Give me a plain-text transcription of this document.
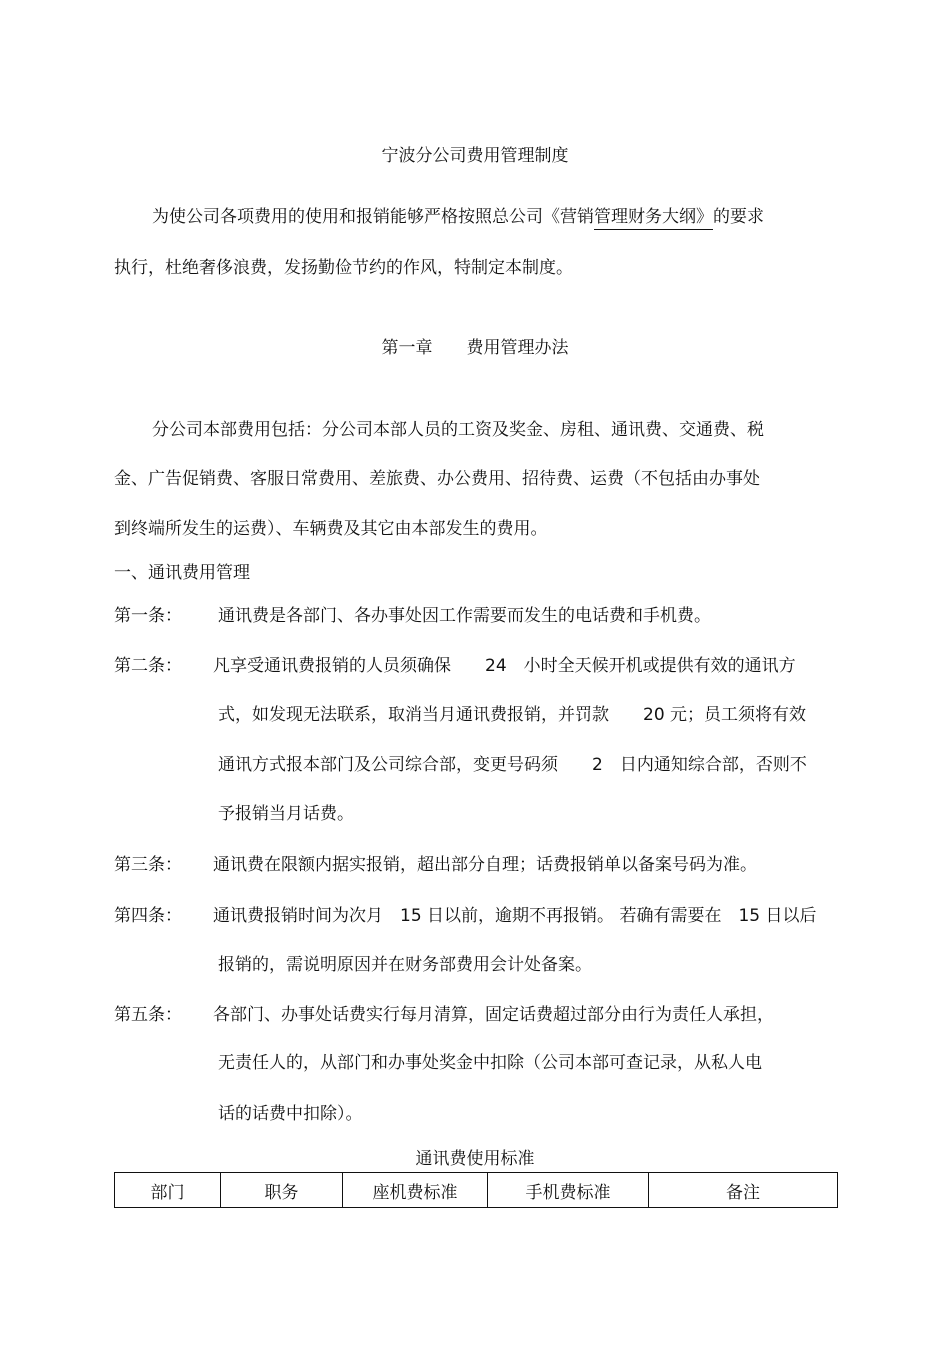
宁波分公司费用管理制度
为使公司各项费用的使用和报销能够严格按照总公司《营销管理财务大纲》的要求
执行，杜绝奢侈浪费，发扬勤俭节约的作风，特制定本制度。
第一章 费用管理办法
分公司本部费用包括：分公司本部人员的工资及奖金、房租、通讯费、交通费、税
金、广告促销费、客服日常费用、差旅费、办公费用、招待费、运费（不包括由办事处
到终端所发生的运费）、车辆费及其它由本部发生的费用。
一、通讯费用管理
第一条： 通讯费是各部门、各办事处因工作需要而发生的电话费和手机费。
第二条： 凡享受通讯费报销的人员须确保　　24　小时全天候开机或提供有效的通讯方
式，如发现无法联系，取消当月通讯费报销，并罚款　　20 元；员工须将有效
通讯方式报本部门及公司综合部，变更号码须　　2　日内通知综合部，否则不
予报销当月话费。
第三条： 通讯费在限额内据实报销，超出部分自理；话费报销单以备案号码为准。
第四条： 通讯费报销时间为次月　15 日以前，逾期不再报销。 若确有需要在　15 日以后
报销的，需说明原因并在财务部费用会计处备案。
第五条： 各部门、办事处话费实行每月清算，固定话费超过部分由行为责任人承担，
无责任人的，从部门和办事处奖金中扣除（公司本部可查记录，从私人电
话的话费中扣除）。
通讯费使用标准
部门	职务	座机费标准	手机费标准	备注
